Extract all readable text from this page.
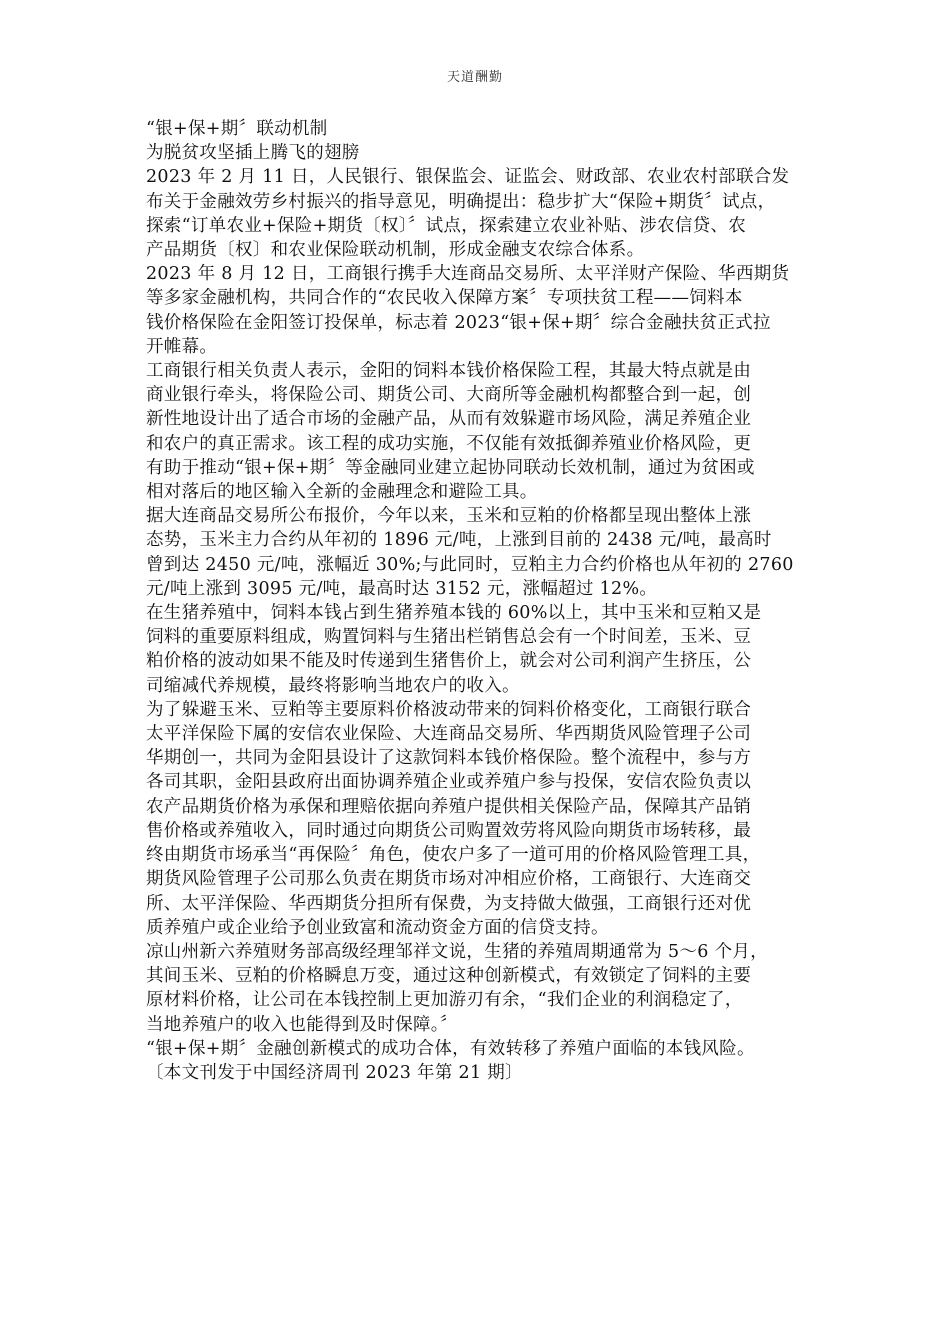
天道酬勤
“银+保+期〞联动机制
为脱贫攻坚插上腾飞的翅膀
2023 年 2 月 11 日，人民银行、银保监会、证监会、财政部、农业农村部联合发
布关于金融效劳乡村振兴的指导意见，明确提出：稳步扩大“保险+期货〞试点，
探索“订单农业+保险+期货〔权〕〞试点，探索建立农业补贴、涉农信贷、农
产品期货〔权〕和农业保险联动机制，形成金融支农综合体系。
2023 年 8 月 12 日，工商银行携手大连商品交易所、太平洋财产保险、华西期货
等多家金融机构，共同合作的“农民收入保障方案〞专项扶贫工程——饲料本
钱价格保险在金阳签订投保单，标志着 2023“银+保+期〞综合金融扶贫正式拉
开帷幕。
工商银行相关负责人表示，金阳的饲料本钱价格保险工程，其最大特点就是由
商业银行牵头，将保险公司、期货公司、大商所等金融机构都整合到一起，创
新性地设计出了适合市场的金融产品，从而有效躲避市场风险，满足养殖企业
和农户的真正需求。该工程的成功实施，不仅能有效抵御养殖业价格风险，更
有助于推动“银+保+期〞等金融同业建立起协同联动长效机制，通过为贫困或
相对落后的地区输入全新的金融理念和避险工具。
据大连商品交易所公布报价，今年以来，玉米和豆粕的价格都呈现出整体上涨
态势，玉米主力合约从年初的 1896 元/吨，上涨到目前的 2438 元/吨，最高时
曾到达 2450 元/吨，涨幅近 30%;与此同时，豆粕主力合约价格也从年初的 2760
元/吨上涨到 3095 元/吨，最高时达 3152 元，涨幅超过 12%。
在生猪养殖中，饲料本钱占到生猪养殖本钱的 60%以上，其中玉米和豆粕又是
饲料的重要原料组成，购置饲料与生猪出栏销售总会有一个时间差，玉米、豆
粕价格的波动如果不能及时传递到生猪售价上，就会对公司利润产生挤压，公
司缩减代养规模，最终将影响当地农户的收入。
为了躲避玉米、豆粕等主要原料价格波动带来的饲料价格变化，工商银行联合
太平洋保险下属的安信农业保险、大连商品交易所、华西期货风险管理子公司
华期创一，共同为金阳县设计了这款饲料本钱价格保险。整个流程中，参与方
各司其职，金阳县政府出面协调养殖企业或养殖户参与投保，安信农险负责以
农产品期货价格为承保和理赔依据向养殖户提供相关保险产品，保障其产品销
售价格或养殖收入，同时通过向期货公司购置效劳将风险向期货市场转移，最
终由期货市场承当“再保险〞角色，使农户多了一道可用的价格风险管理工具，
期货风险管理子公司那么负责在期货市场对冲相应价格，工商银行、大连商交
所、太平洋保险、华西期货分担所有保费，为支持做大做强，工商银行还对优
质养殖户或企业给予创业致富和流动资金方面的信贷支持。
凉山州新六养殖财务部高级经理邹祥文说，生猪的养殖周期通常为 5～6 个月，
其间玉米、豆粕的价格瞬息万变，通过这种创新模式，有效锁定了饲料的主要
原材料价格，让公司在本钱控制上更加游刃有余，“我们企业的利润稳定了，
当地养殖户的收入也能得到及时保障。〞
“银+保+期〞金融创新模式的成功合体，有效转移了养殖户面临的本钱风险。
〔本文刊发于中国经济周刊 2023 年第 21 期〕
